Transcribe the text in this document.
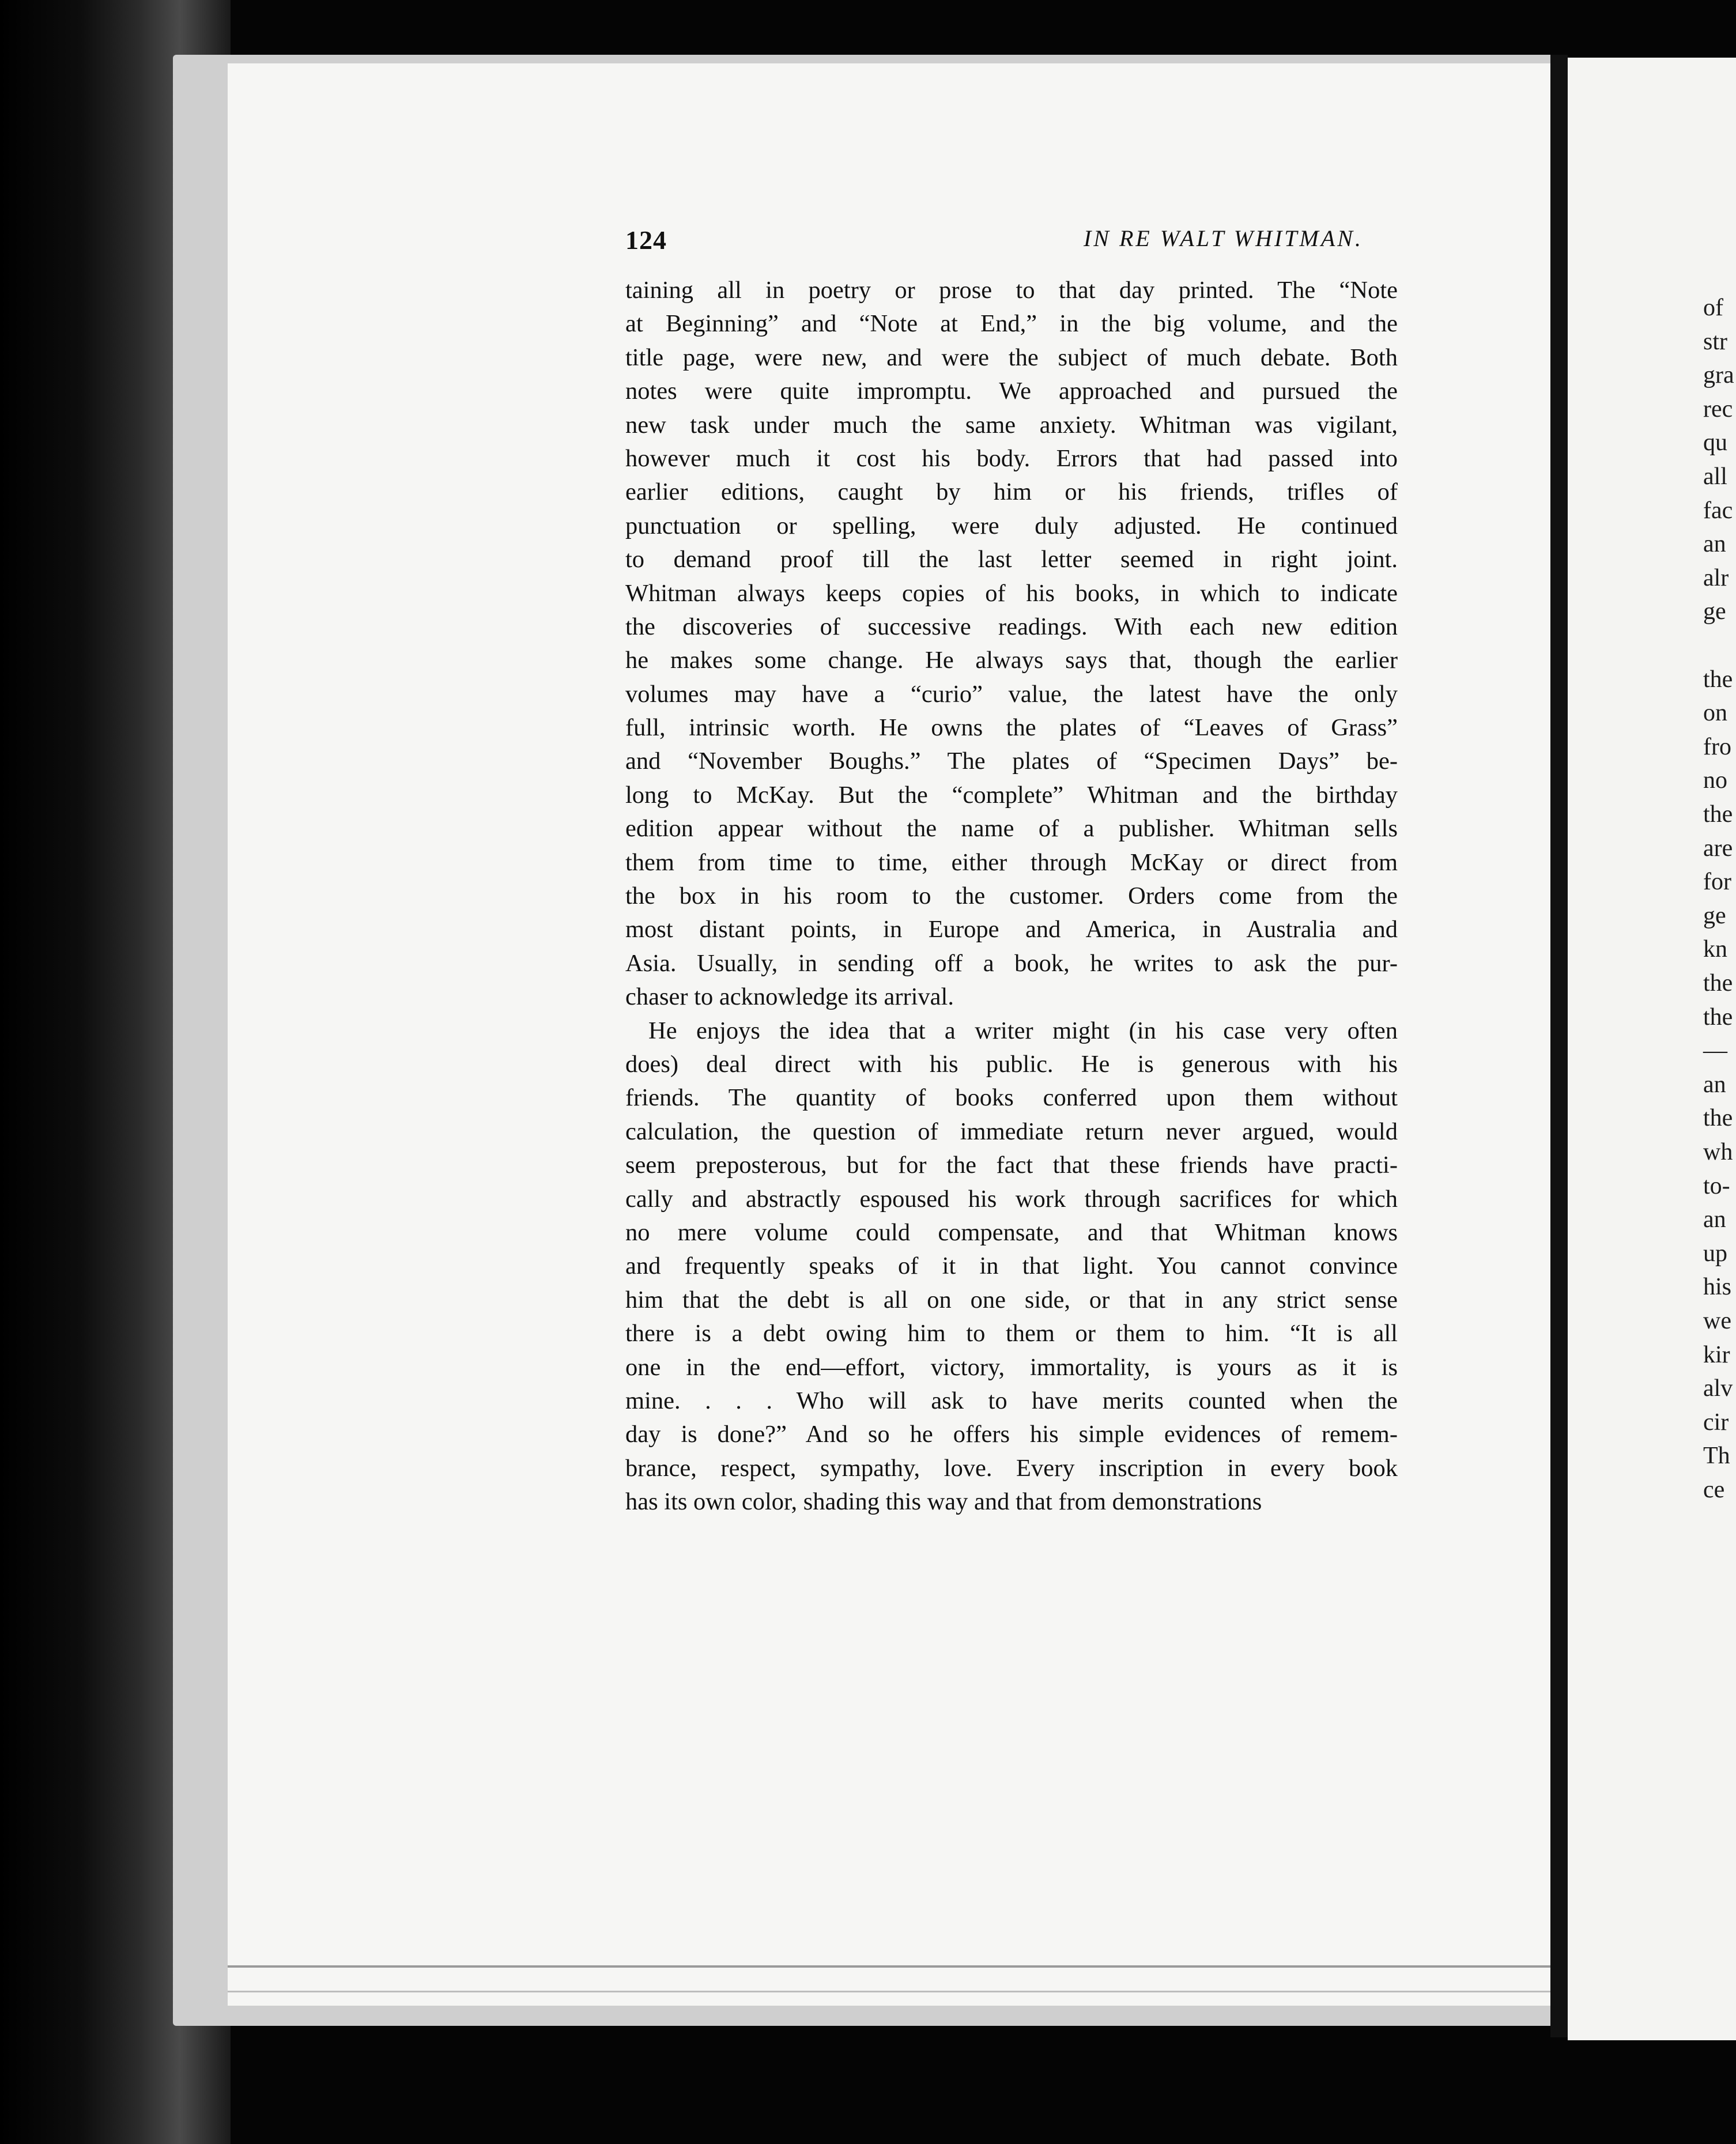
124	IN RE WALT WHITMAN.
taining all in poetry or prose to that day printed. The “Note
at Beginning” and “Note at End,” in the big volume, and the
title page, were new, and were the subject of much debate. Both
notes were quite impromptu. We approached and pursued the
new task under much the same anxiety. Whitman was vigilant,
however much it cost his body. Errors that had passed into
earlier editions, caught by him or his friends, trifles of
punctuation or spelling, were duly adjusted. He continued
to demand proof till the last letter seemed in right joint.
Whitman always keeps copies of his books, in which to indicate
the discoveries of successive readings. With each new edition
he makes some change. He always says that, though the earlier
volumes may have a “curio” value, the latest have the only
full, intrinsic worth. He owns the plates of “Leaves of Grass”
and “November Boughs.” The plates of “Specimen Days” be-
long to McKay. But the “complete” Whitman and the birthday
edition appear without the name of a publisher. Whitman sells
them from time to time, either through McKay or direct from
the box in his room to the customer. Orders come from the
most distant points, in Europe and America, in Australia and
Asia. Usually, in sending off a book, he writes to ask the pur-
chaser to acknowledge its arrival.
He enjoys the idea that a writer might (in his case very often
does) deal direct with his public. He is generous with his
friends. The quantity of books conferred upon them without
calculation, the question of immediate return never argued, would
seem preposterous, but for the fact that these friends have practi-
cally and abstractly espoused his work through sacrifices for which
no mere volume could compensate, and that Whitman knows
and frequently speaks of it in that light. You cannot convince
him that the debt is all on one side, or that in any strict sense
there is a debt owing him to them or them to him. “It is all
one in the end—effort, victory, immortality, is yours as it is
mine. . . . Who will ask to have merits counted when the
day is done?” And so he offers his simple evidences of remem-
brance, respect, sympathy, love. Every inscription in every book
has its own color, shading this way and that from demonstrations
of
str
gra
rec
qu
all
fac
an
alr
ge
the
on
fro
no
the
are
for
ge
kn
the
the
—
an
the
wh
to-
an
up
his
we
kir
alv
cir
Th
ce
